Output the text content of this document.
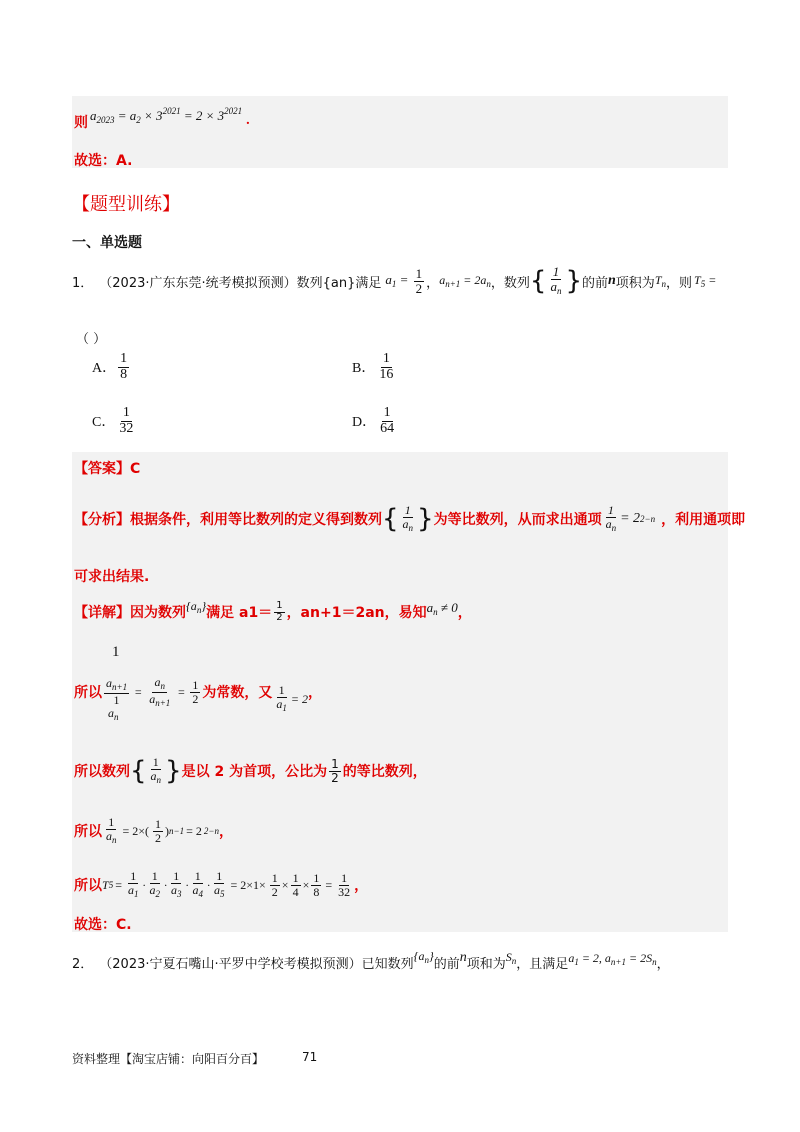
则 $a_{2023} = a_2 \times 3^{2021} = 2 \times 3^{2021}$
.
故选：A.
【题型训练】
一、单选题
1． （2023·广东东莞·统考模拟预测）数列{an}满足 $a_1 = \frac{1}{2}$ ， $a_{n+1} = 2a_n$ ，数列 { $\frac{1}{a_n}$ } 的前 n 项积为 $T_n$ ，则 $T_5$ =
（ ）
A． $\frac{1}{8}$	B． $\frac{1}{16}$
C． $\frac{1}{32}$	D． $\frac{1}{64}$
【答案】C
【分析】根据条件，利用等比数列的定义得到数列 { $\frac{1}{a_n}$ } 为等比数列，从而求出通项 $\frac{1}{a_n} = 2$ 2−n ，利用通项即
可求出结果.
【详解】因为数列 $\{a_n\}$ 满足 $a1= \frac{1}{2}$ ，an+1＝2an，易知 $a_n \ne 0$ ，
1
所以 $\frac{a_{n+1}}{1} = \frac{a_n}{a_{n+1}} = \frac{1}{2}$ 为常数，又 $\frac{1}{a_1} = 2$ ，
$a_n$
所以数列 { $\frac{1}{a_n}$ } 是以 2 为首项，公比为 $\frac{1}{2}$ 的等比数列，
所以 $\frac{1}{a_n} = 2\times( \frac{1}{2}$ ) n−1 = 2 2−n ，
所以 T $5 = \frac{1}{a_1} \cdot \frac{1}{a_2} \cdot \frac{1}{a_3} \cdot \frac{1}{a_4} \cdot \frac{1}{a_5} = 2\times 1\times \frac{1}{2} \times \frac{1}{4} \times \frac{1}{8} = \frac{1}{32}$ ，
故选：C.
2． （2023·宁夏石嘴山·平罗中学校考模拟预测）已知数列
$\{a_n\}$
的前 n 项和为 $S_n$ ，且满足 $a_1 = 2$, $a_{n+1} = 2S_n$ ，
资料整理【淘宝店铺：向阳百分百】	71
